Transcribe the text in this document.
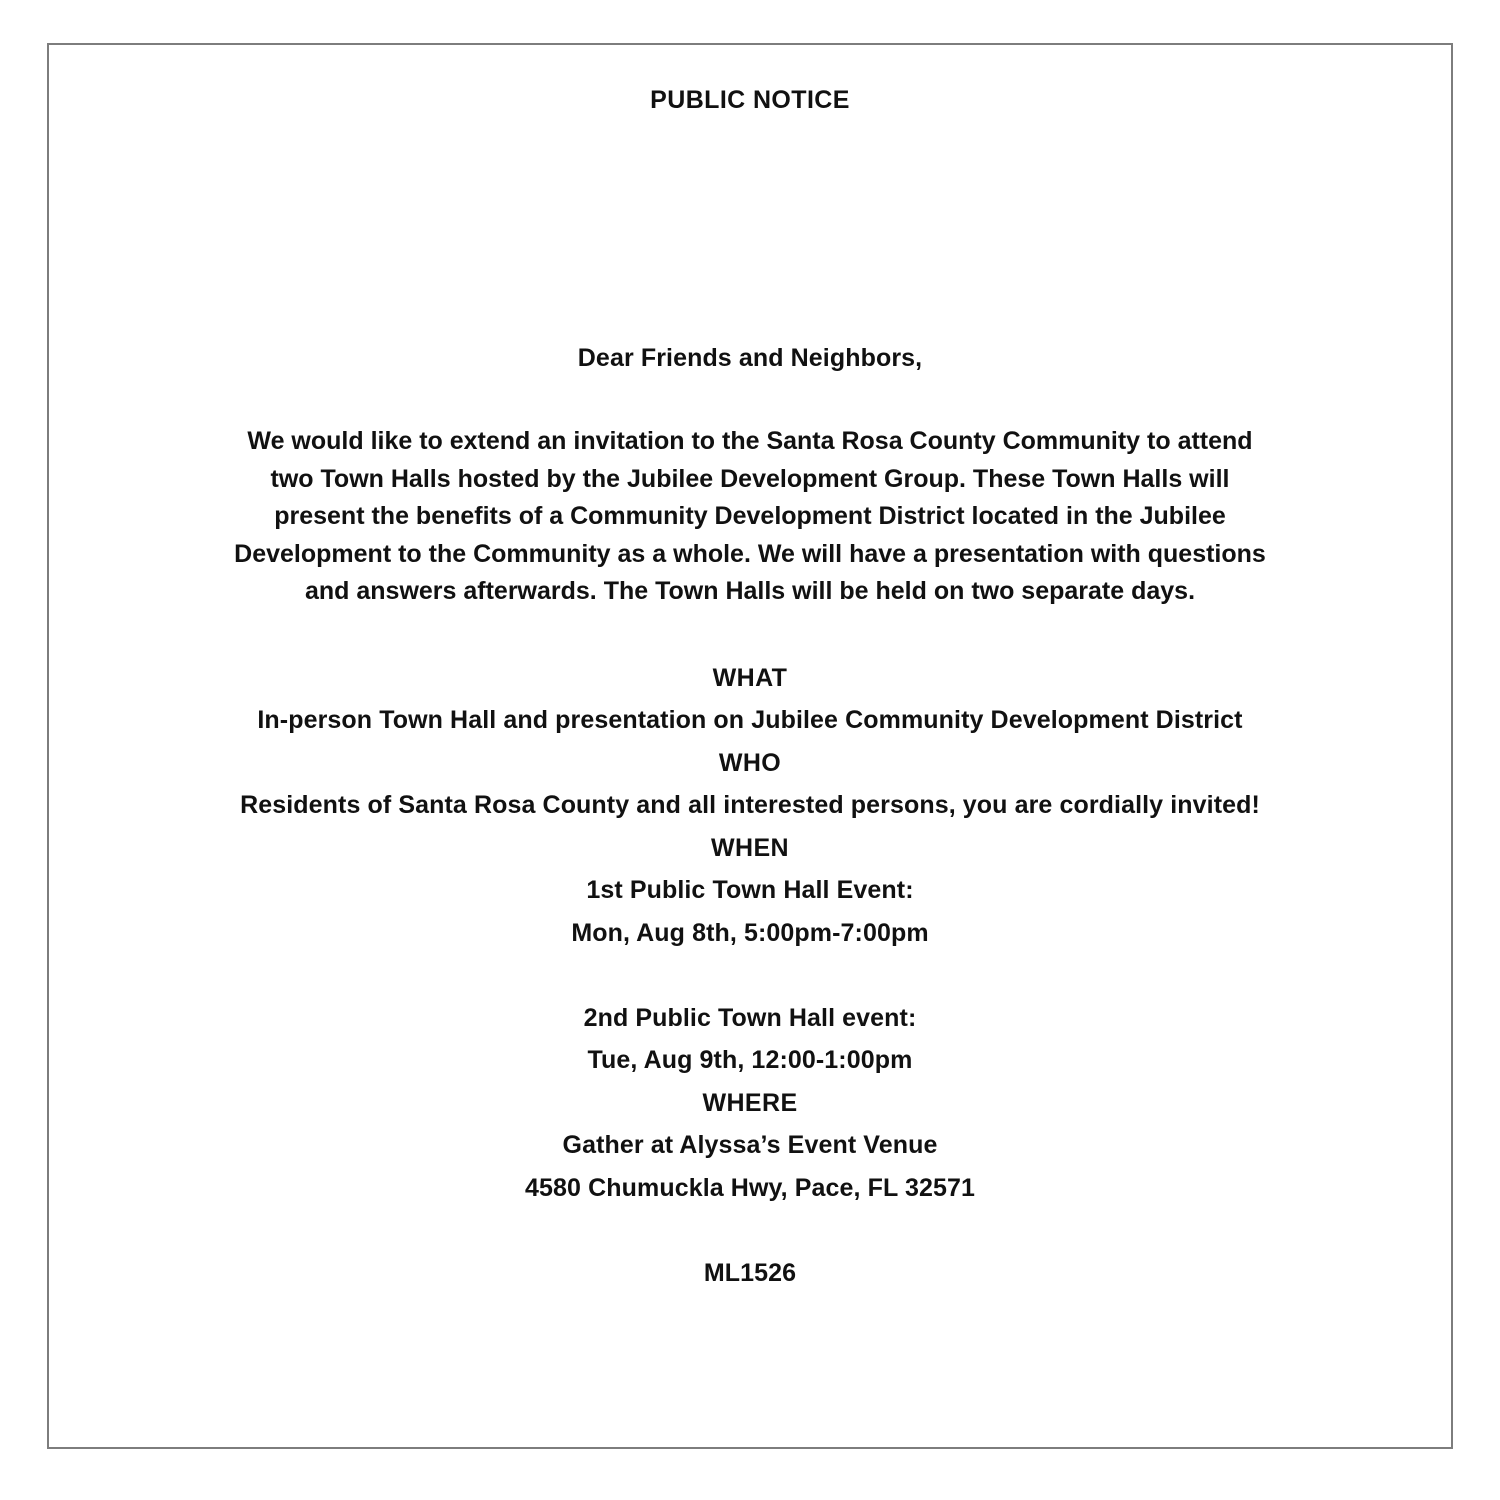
PUBLIC NOTICE
Dear Friends and Neighbors,
We would like to extend an invitation to the Santa Rosa County Community to attend
two Town Halls hosted by the Jubilee Development Group. These Town Halls will
present the benefits of a Community Development District located in the Jubilee
Development to the Community as a whole. We will have a presentation with questions
and answers afterwards. The Town Halls will be held on two separate days.
WHAT
In-person Town Hall and presentation on Jubilee Community Development District
WHO
Residents of Santa Rosa County and all interested persons, you are cordially invited!
WHEN
1st Public Town Hall Event:
Mon, Aug 8th, 5:00pm-7:00pm
2nd Public Town Hall event:
Tue, Aug 9th, 12:00-1:00pm
WHERE
Gather at Alyssa’s Event Venue
4580 Chumuckla Hwy, Pace, FL 32571
ML1526
